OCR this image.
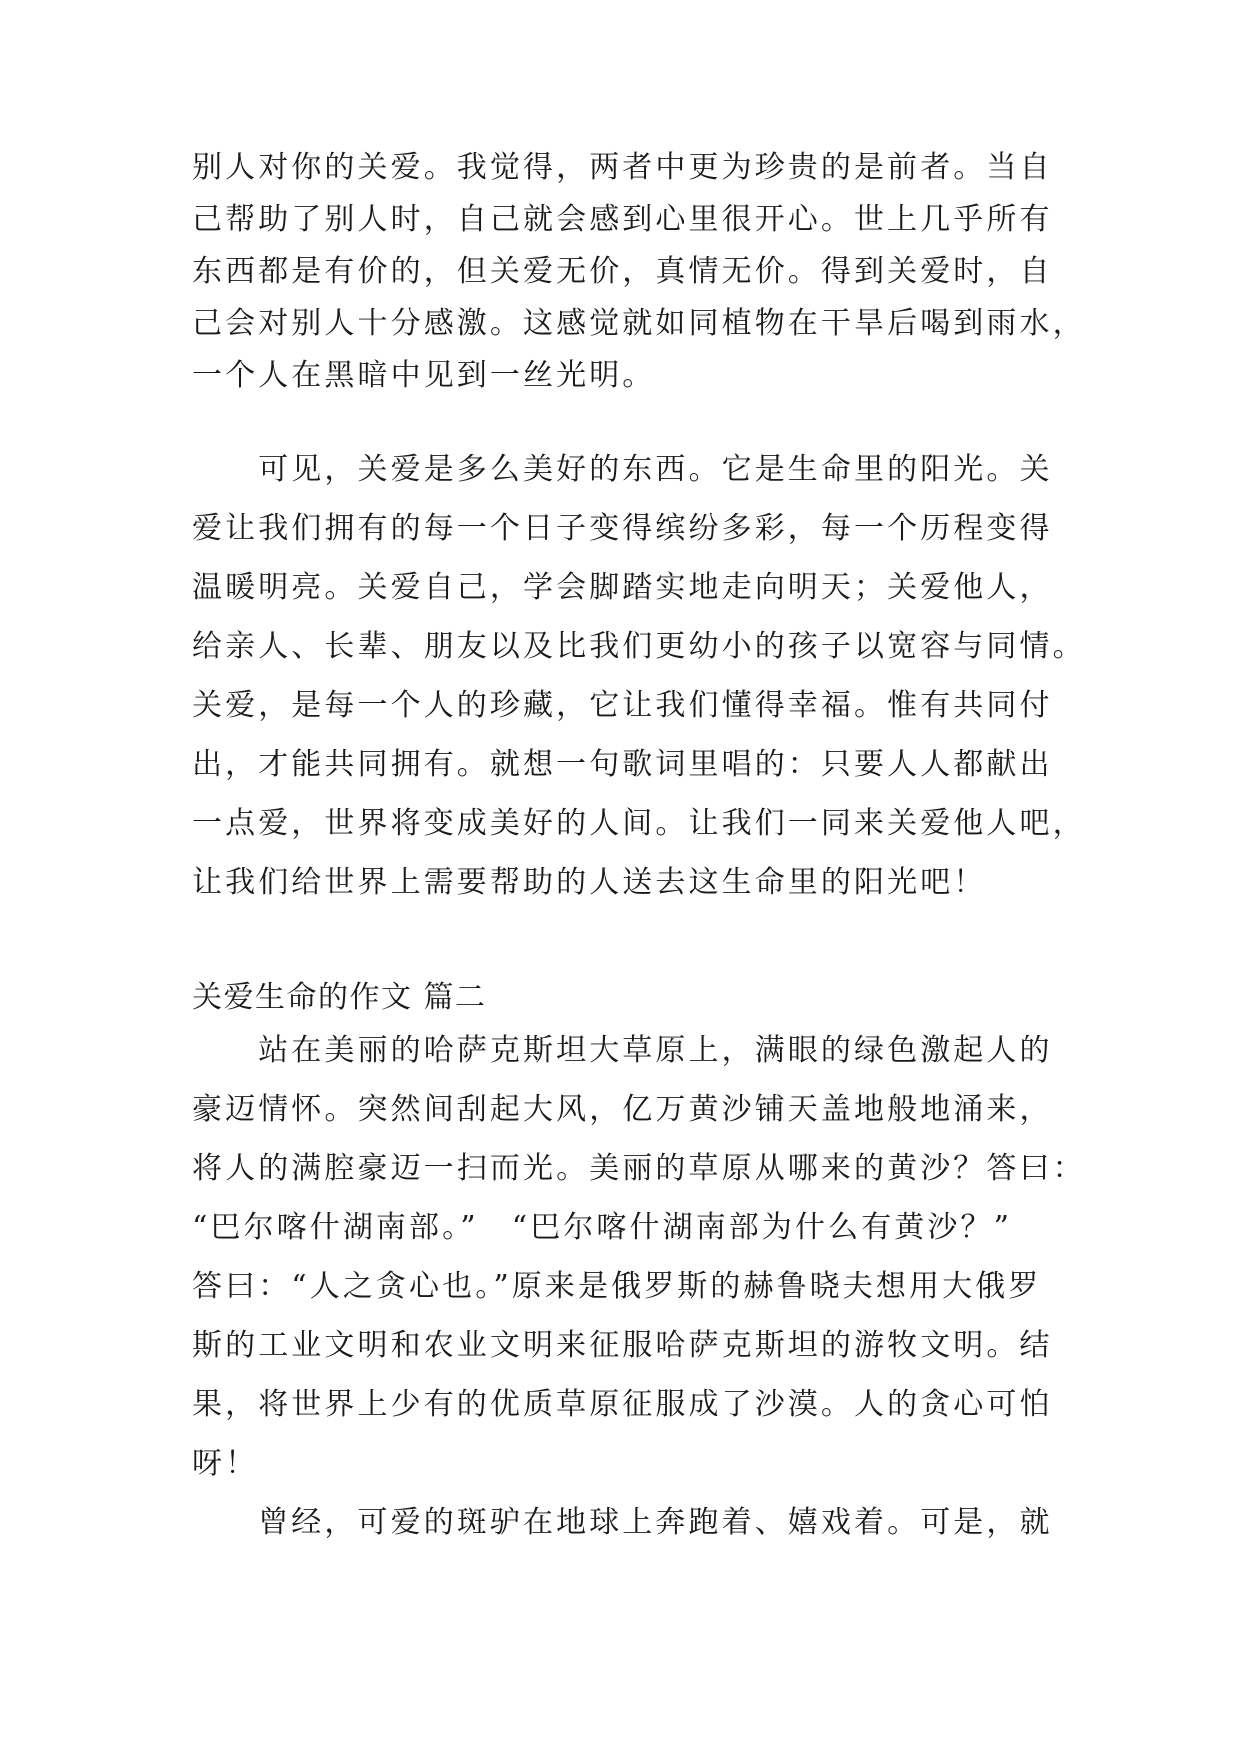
别人对你的关爱。我觉得，两者中更为珍贵的是前者。当自

己帮助了别人时，自己就会感到心里很开心。世上几乎所有

东西都是有价的，但关爱无价，真情无价。得到关爱时，自

己会对别人十分感激。这感觉就如同植物在干旱后喝到雨水，

一个人在黑暗中见到一丝光明。

　　可见，关爱是多么美好的东西。它是生命里的阳光。关

爱让我们拥有的每一个日子变得缤纷多彩，每一个历程变得

温暖明亮。关爱自己，学会脚踏实地走向明天；关爱他人，

给亲人、长辈、朋友以及比我们更幼小的孩子以宽容与同情。

关爱，是每一个人的珍藏，它让我们懂得幸福。惟有共同付

出，才能共同拥有。就想一句歌词里唱的：只要人人都献出

一点爱，世界将变成美好的人间。让我们一同来关爱他人吧，

让我们给世界上需要帮助的人送去这生命里的阳光吧！

关爱生命的作文 篇二

　　站在美丽的哈萨克斯坦大草原上，满眼的绿色激起人的

豪迈情怀。突然间刮起大风，亿万黄沙铺天盖地般地涌来，

将人的满腔豪迈一扫而光。美丽的草原从哪来的黄沙？答曰：

“巴尔喀什湖南部。”　“巴尔喀什湖南部为什么有黄沙？”

答曰：“人之贪心也。”原来是俄罗斯的赫鲁晓夫想用大俄罗

斯的工业文明和农业文明来征服哈萨克斯坦的游牧文明。结

果，将世界上少有的优质草原征服成了沙漠。人的贪心可怕

呀！

　　曾经，可爱的斑驴在地球上奔跑着、嬉戏着。可是，就
